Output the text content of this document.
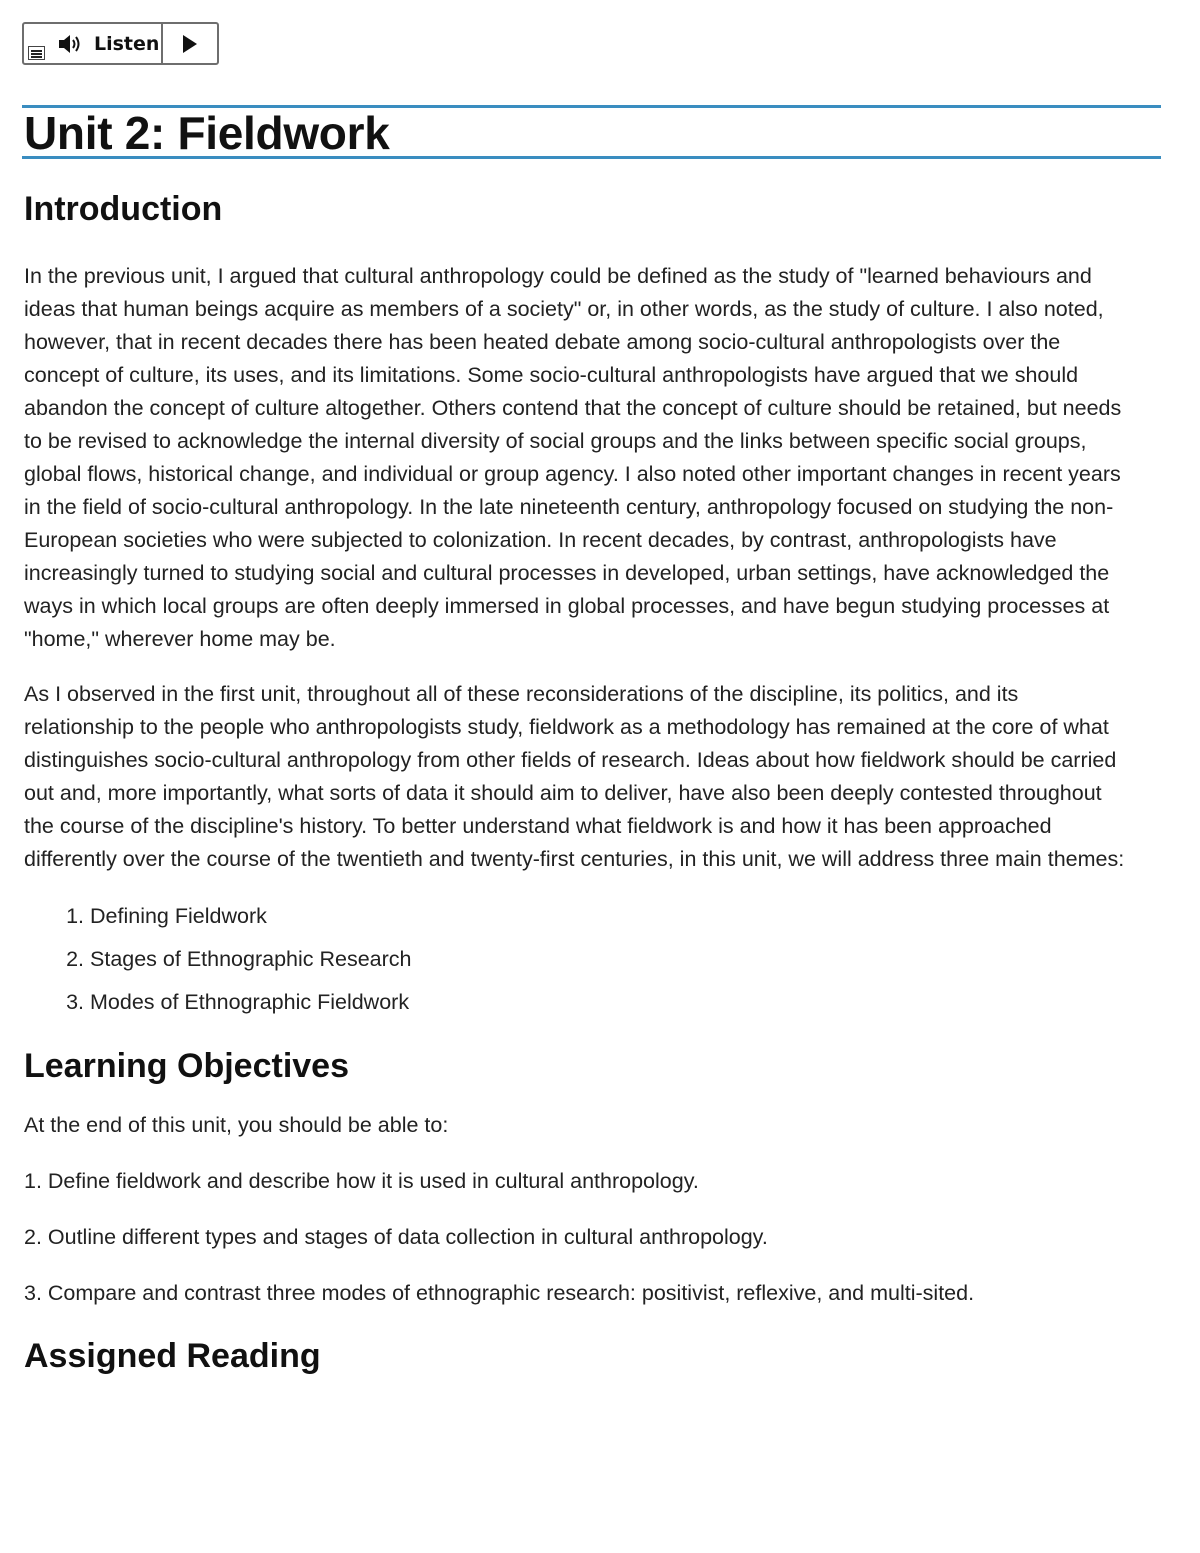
Listen
Unit 2: Fieldwork
Introduction

In the previous unit, I argued that cultural anthropology could be defined as the study of "learned behaviours and ideas that human beings acquire as members of a society" or, in other words, as the study of culture. I also noted, however, that in recent decades there has been heated debate among socio-cultural anthropologists over the concept of culture, its uses, and its limitations. Some socio-cultural anthropologists have argued that we should abandon the concept of culture altogether. Others contend that the concept of culture should be retained, but needs to be revised to acknowledge the internal diversity of social groups and the links between specific social groups, global flows, historical change, and individual or group agency. I also noted other important changes in recent years in the field of socio-cultural anthropology. In the late nineteenth century, anthropology focused on studying the non-European societies who were subjected to colonization. In recent decades, by contrast, anthropologists have increasingly turned to studying social and cultural processes in developed, urban settings, have acknowledged the ways in which local groups are often deeply immersed in global processes, and have begun studying processes at "home," wherever home may be.

As I observed in the first unit, throughout all of these reconsiderations of the discipline, its politics, and its relationship to the people who anthropologists study, fieldwork as a methodology has remained at the core of what distinguishes socio-cultural anthropology from other fields of research. Ideas about how fieldwork should be carried out and, more importantly, what sorts of data it should aim to deliver, have also been deeply contested throughout the course of the discipline's history. To better understand what fieldwork is and how it has been approached differently over the course of the twentieth and twenty-first centuries, in this unit, we will address three main themes:

1. Defining Fieldwork
2. Stages of Ethnographic Research
3. Modes of Ethnographic Fieldwork
Learning Objectives

At the end of this unit, you should be able to:

1. Define fieldwork and describe how it is used in cultural anthropology.

2. Outline different types and stages of data collection in cultural anthropology.

3. Compare and contrast three modes of ethnographic research: positivist, reflexive, and multi-sited.

Assigned Reading
